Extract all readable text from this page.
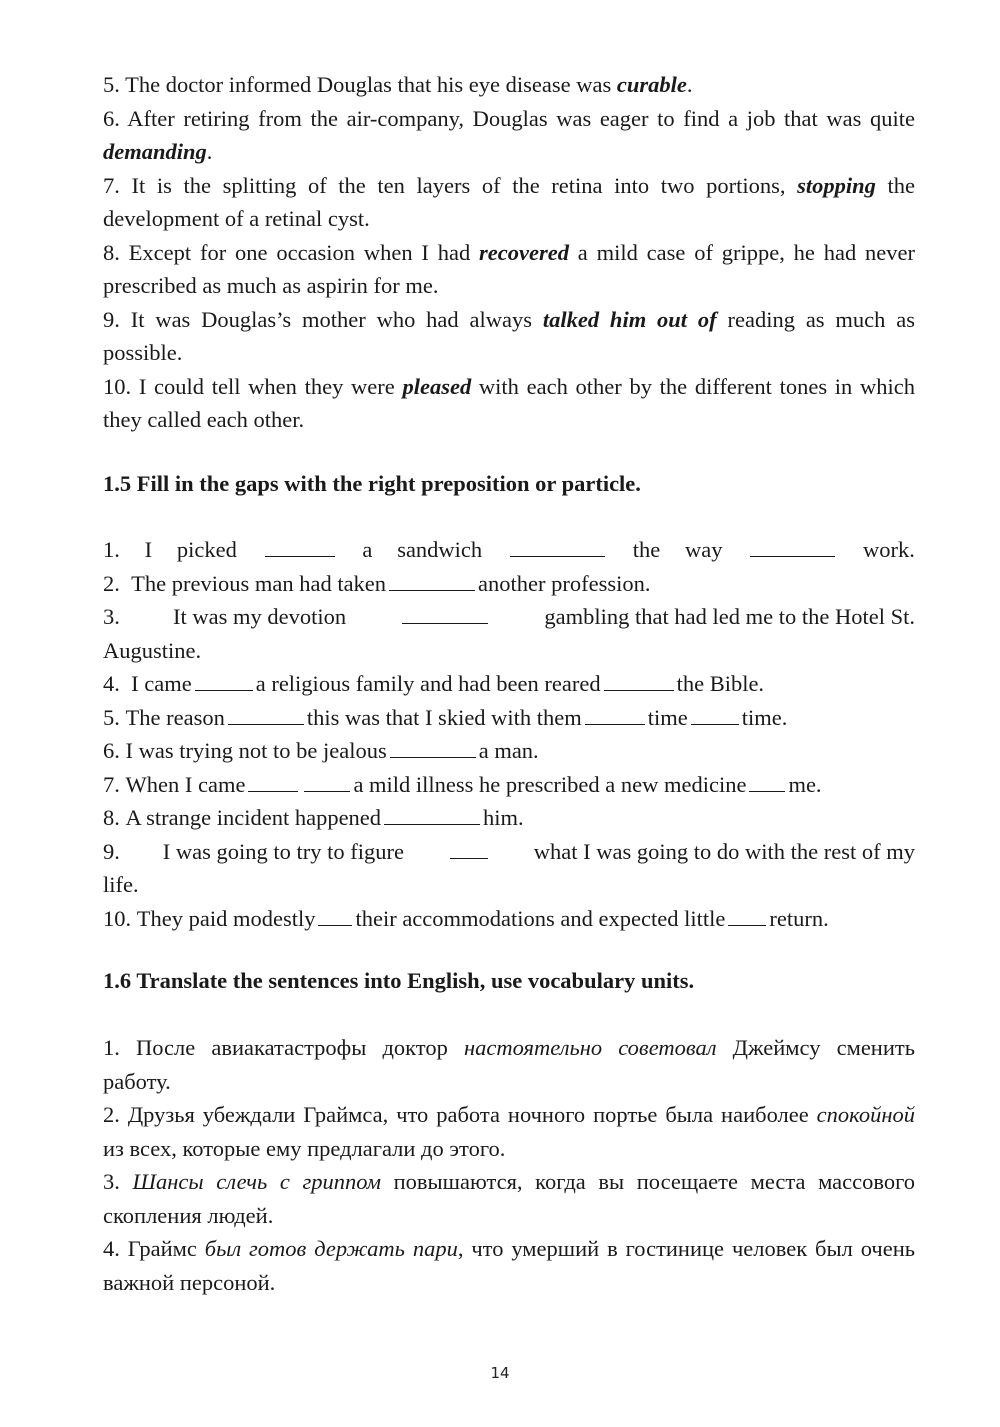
5. The doctor informed Douglas that his eye disease was curable.

6. After retiring from the air-company, Douglas was eager to find a job that was quite demanding.

7. It is the splitting of the ten layers of the retina into two portions, stopping the development of a retinal cyst.

8. Except for one occasion when I had recovered a mild case of grippe, he had never prescribed as much as aspirin for me.

9. It was Douglas’s mother who had always talked him out of reading as much as possible.

10. I could tell when they were pleased with each other by the different tones in which they called each other.

1.5 Fill in the gaps with the right preposition or particle.
1. I picked	a sandwich	the way	work.
2.
The previous man had taken	another profession.
3. It was my devotion	gambling that had led me to the Hotel St.
Augustine.
4.
I came	a religious family and had been reared	the Bible.
5.
The reason	this was that I skied with them	time time.
6.
I was trying not to be jealous	a man.
7.
When I came	a mild illness he prescribed a new medicine me.
8.
A strange incident happened	him.
9. I was going to try to figure	what I was going to do with the rest of my
life.
10.
They paid modestly their accommodations and expected little return.
1.6 Translate the sentences into English, use vocabulary units.

1. После авиакатастрофы доктор настоятельно советовал Джеймсу сменить работу.

2. Друзья убеждали Граймса, что работа ночного портье была наиболее спокойной из всех, которые ему предлагали до этого.

3. Шансы слечь с гриппом повышаются, когда вы посещаете места массового скопления людей.

4. Граймс был готов держать пари, что умерший в гостинице человек был очень важной персоной.

14
